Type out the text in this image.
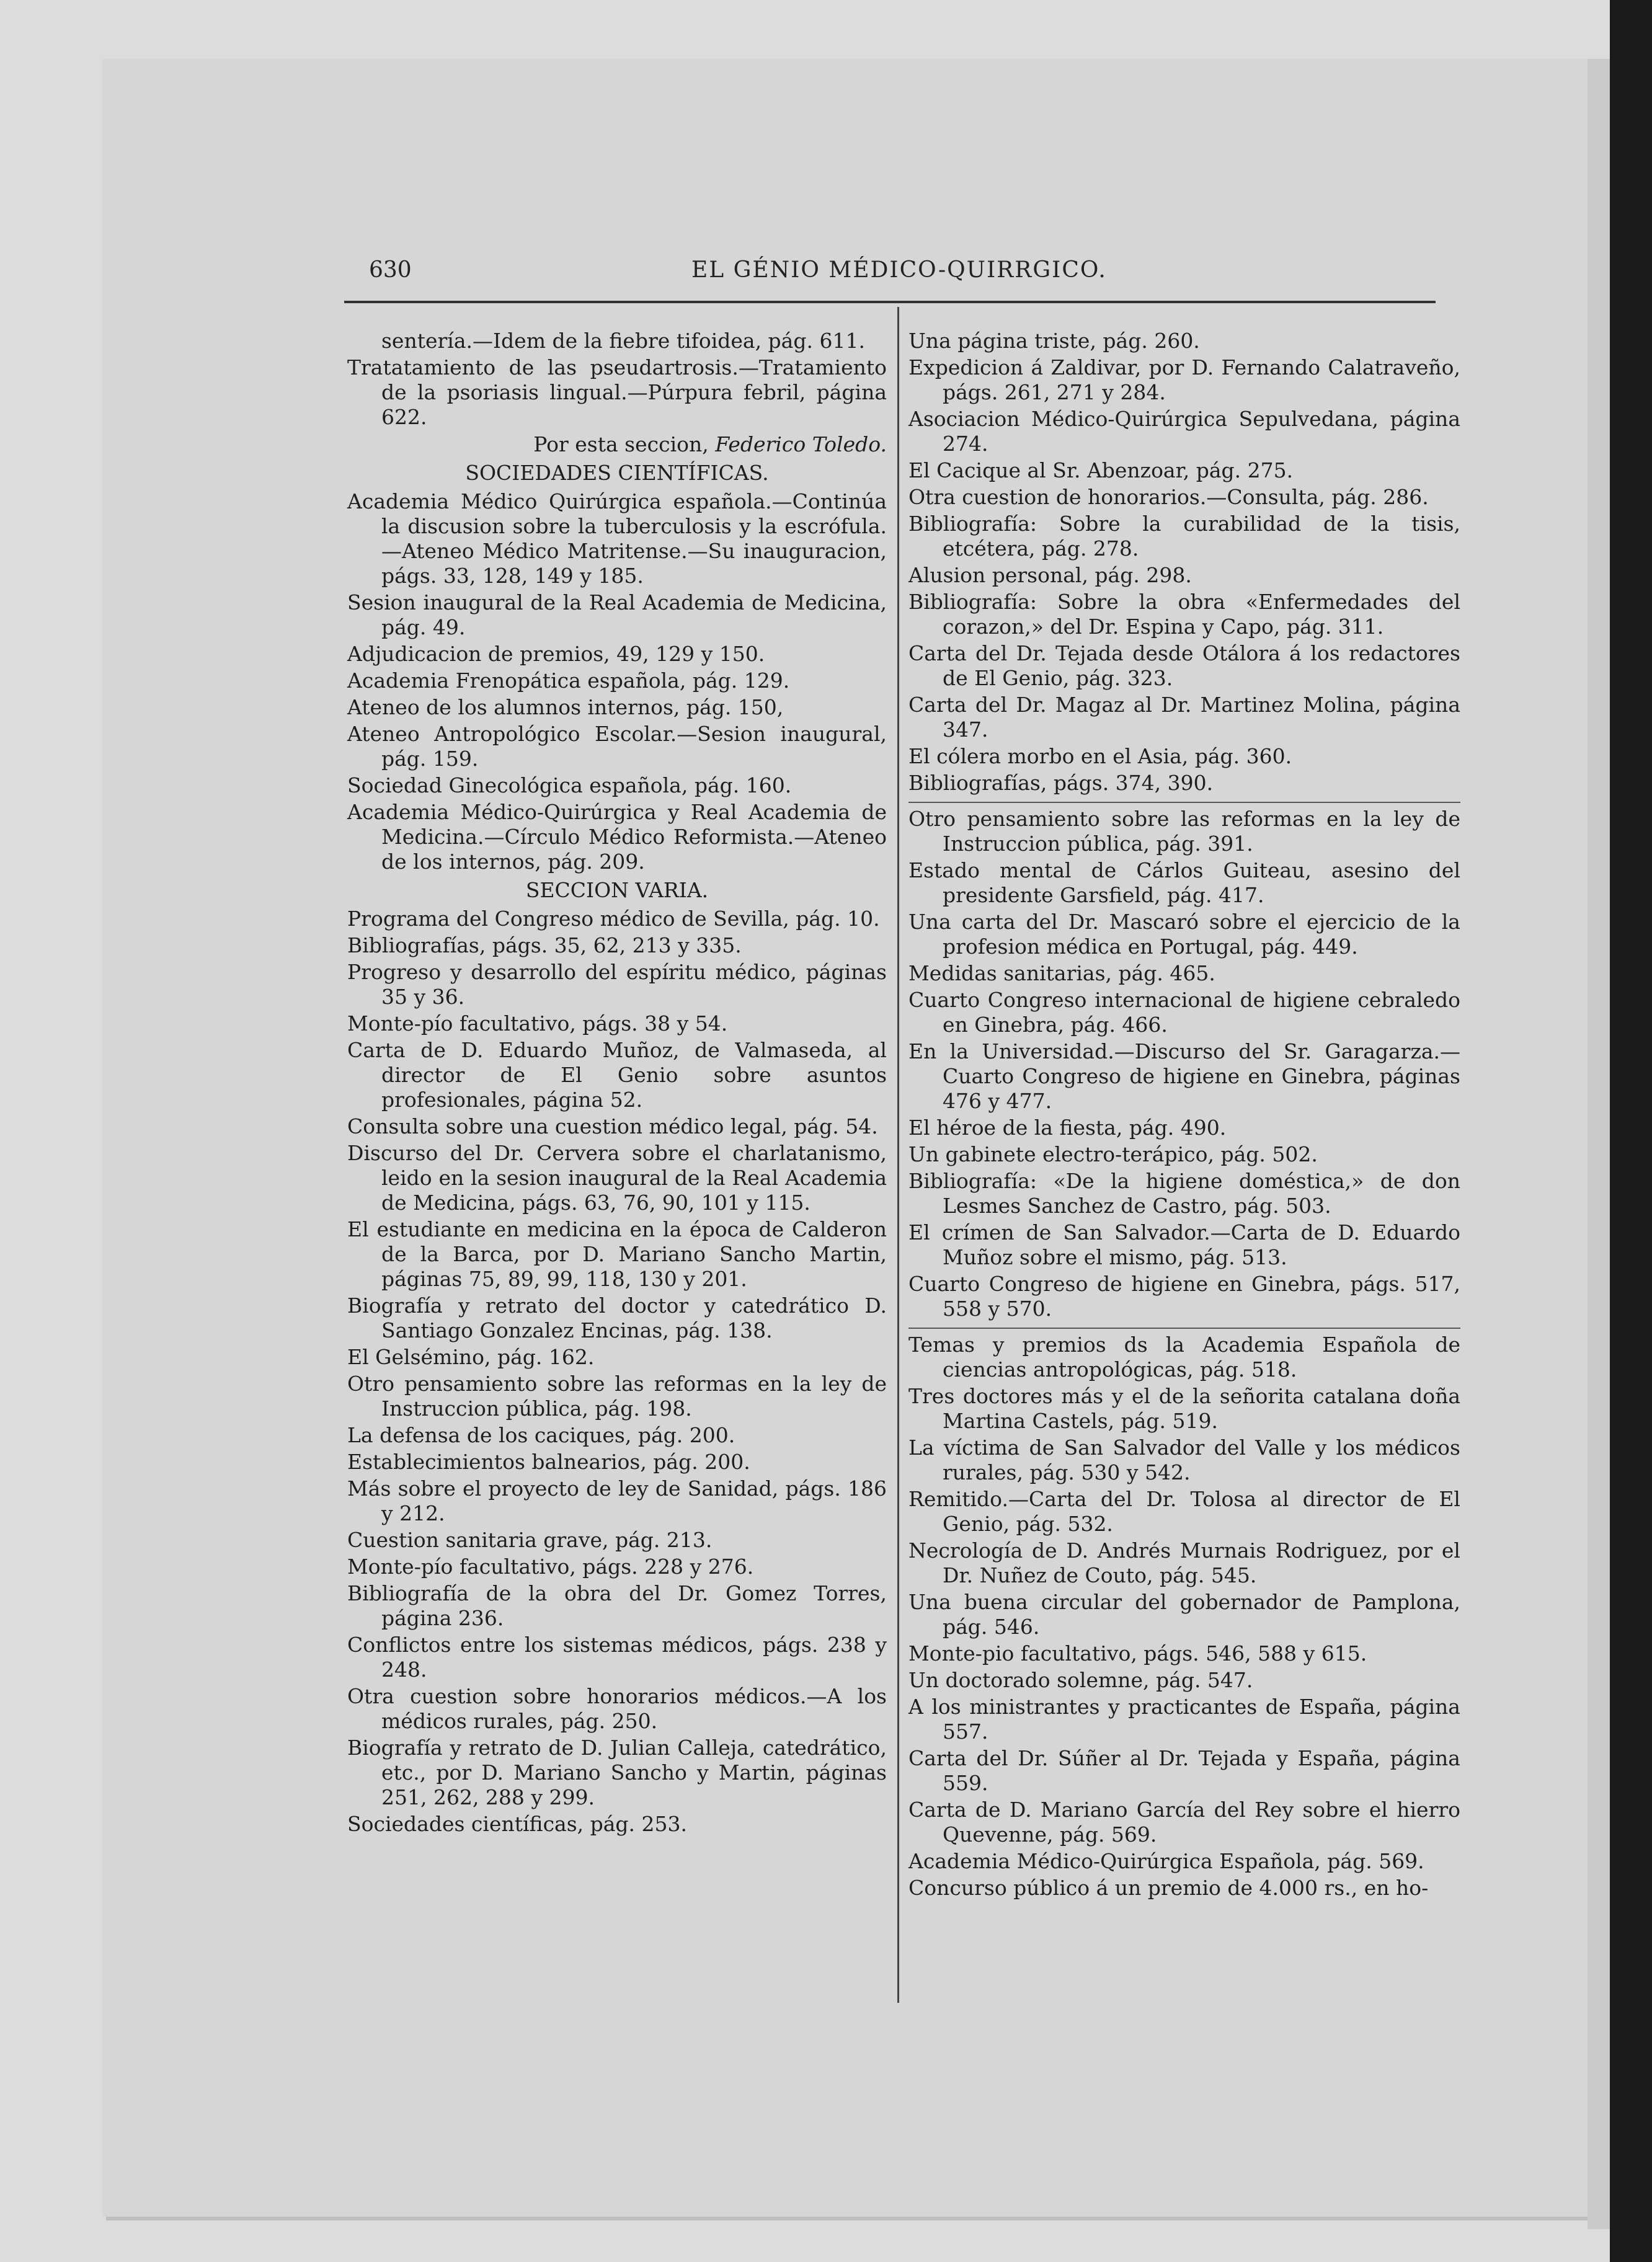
630	EL GÉNIO MÉDICO-QUIRRGICO.

sentería.—Idem de la fiebre tifoidea, pág. 611.

Tratatamiento de las pseudartrosis.—Tratamiento de la psoriasis lingual.—Púrpura febril, página 622.

Por esta seccion, Federico Toledo.
SOCIEDADES CIENTÍFICAS.

Academia Médico Quirúrgica española.—Continúa la discusion sobre la tuberculosis y la escrófula.—Ateneo Médico Matritense.—Su inauguracion, págs. 33, 128, 149 y 185.

Sesion inaugural de la Real Academia de Medicina, pág. 49.

Adjudicacion de premios, 49, 129 y 150.

Academia Frenopática española, pág. 129.

Ateneo de los alumnos internos, pág. 150,

Ateneo Antropológico Escolar.—Sesion inaugural, pág. 159.

Sociedad Ginecológica española, pág. 160.

Academia Médico-Quirúrgica y Real Academia de Medicina.—Círculo Médico Reformista.—Ateneo de los internos, pág. 209.

SECCION VARIA.

Programa del Congreso médico de Sevilla, pág. 10.

Bibliografías, págs. 35, 62, 213 y 335.

Progreso y desarrollo del espíritu médico, páginas 35 y 36.

Monte-pío facultativo, págs. 38 y 54.

Carta de D. Eduardo Muñoz, de Valmaseda, al director de El Genio sobre asuntos profesionales, página 52.

Consulta sobre una cuestion médico legal, pág. 54.

Discurso del Dr. Cervera sobre el charlatanismo, leido en la sesion inaugural de la Real Academia de Medicina, págs. 63, 76, 90, 101 y 115.

El estudiante en medicina en la época de Calderon de la Barca, por D. Mariano Sancho Martin, páginas 75, 89, 99, 118, 130 y 201.

Biografía y retrato del doctor y catedrático D. Santiago Gonzalez Encinas, pág. 138.

El Gelsémino, pág. 162.

Otro pensamiento sobre las reformas en la ley de Instruccion pública, pág. 198.

La defensa de los caciques, pág. 200.

Establecimientos balnearios, pág. 200.

Más sobre el proyecto de ley de Sanidad, págs. 186 y 212.

Cuestion sanitaria grave, pág. 213.

Monte-pío facultativo, págs. 228 y 276.

Bibliografía de la obra del Dr. Gomez Torres, página 236.

Conflictos entre los sistemas médicos, págs. 238 y 248.

Otra cuestion sobre honorarios médicos.—A los médicos rurales, pág. 250.

Biografía y retrato de D. Julian Calleja, catedrático, etc., por D. Mariano Sancho y Martin, páginas 251, 262, 288 y 299.

Sociedades científicas, pág. 253.

Una página triste, pág. 260.

Expedicion á Zaldivar, por D. Fernando Calatraveño, págs. 261, 271 y 284.

Asociacion Médico-Quirúrgica Sepulvedana, página 274.

El Cacique al Sr. Abenzoar, pág. 275.

Otra cuestion de honorarios.—Consulta, pág. 286.

Bibliografía: Sobre la curabilidad de la tisis, etcétera, pág. 278.

Alusion personal, pág. 298.

Bibliografía: Sobre la obra «Enfermedades del corazon,» del Dr. Espina y Capo, pág. 311.

Carta del Dr. Tejada desde Otálora á los redactores de El Genio, pág. 323.

Carta del Dr. Magaz al Dr. Martinez Molina, página 347.

El cólera morbo en el Asia, pág. 360.

Bibliografías, págs. 374, 390.

Otro pensamiento sobre las reformas en la ley de Instruccion pública, pág. 391.

Estado mental de Cárlos Guiteau, asesino del presidente Garsfield, pág. 417.

Una carta del Dr. Mascaró sobre el ejercicio de la profesion médica en Portugal, pág. 449.

Medidas sanitarias, pág. 465.

Cuarto Congreso internacional de higiene cebraledo en Ginebra, pág. 466.

En la Universidad.—Discurso del Sr. Garagarza.—Cuarto Congreso de higiene en Ginebra, páginas 476 y 477.

El héroe de la fiesta, pág. 490.

Un gabinete electro-terápico, pág. 502.

Bibliografía: «De la higiene doméstica,» de don Lesmes Sanchez de Castro, pág. 503.

El crímen de San Salvador.—Carta de D. Eduardo Muñoz sobre el mismo, pág. 513.

Cuarto Congreso de higiene en Ginebra, págs. 517, 558 y 570.

Temas y premios ds la Academia Española de ciencias antropológicas, pág. 518.

Tres doctores más y el de la señorita catalana doña Martina Castels, pág. 519.

La víctima de San Salvador del Valle y los médicos rurales, pág. 530 y 542.

Remitido.—Carta del Dr. Tolosa al director de El Genio, pág. 532.

Necrología de D. Andrés Murnais Rodriguez, por el Dr. Nuñez de Couto, pág. 545.

Una buena circular del gobernador de Pamplona, pág. 546.

Monte-pio facultativo, págs. 546, 588 y 615.

Un doctorado solemne, pág. 547.

A los ministrantes y practicantes de España, página 557.

Carta del Dr. Súñer al Dr. Tejada y España, página 559.

Carta de D. Mariano García del Rey sobre el hierro Quevenne, pág. 569.

Academia Médico-Quirúrgica Española, pág. 569.

Concurso público á un premio de 4.000 rs., en ho-
